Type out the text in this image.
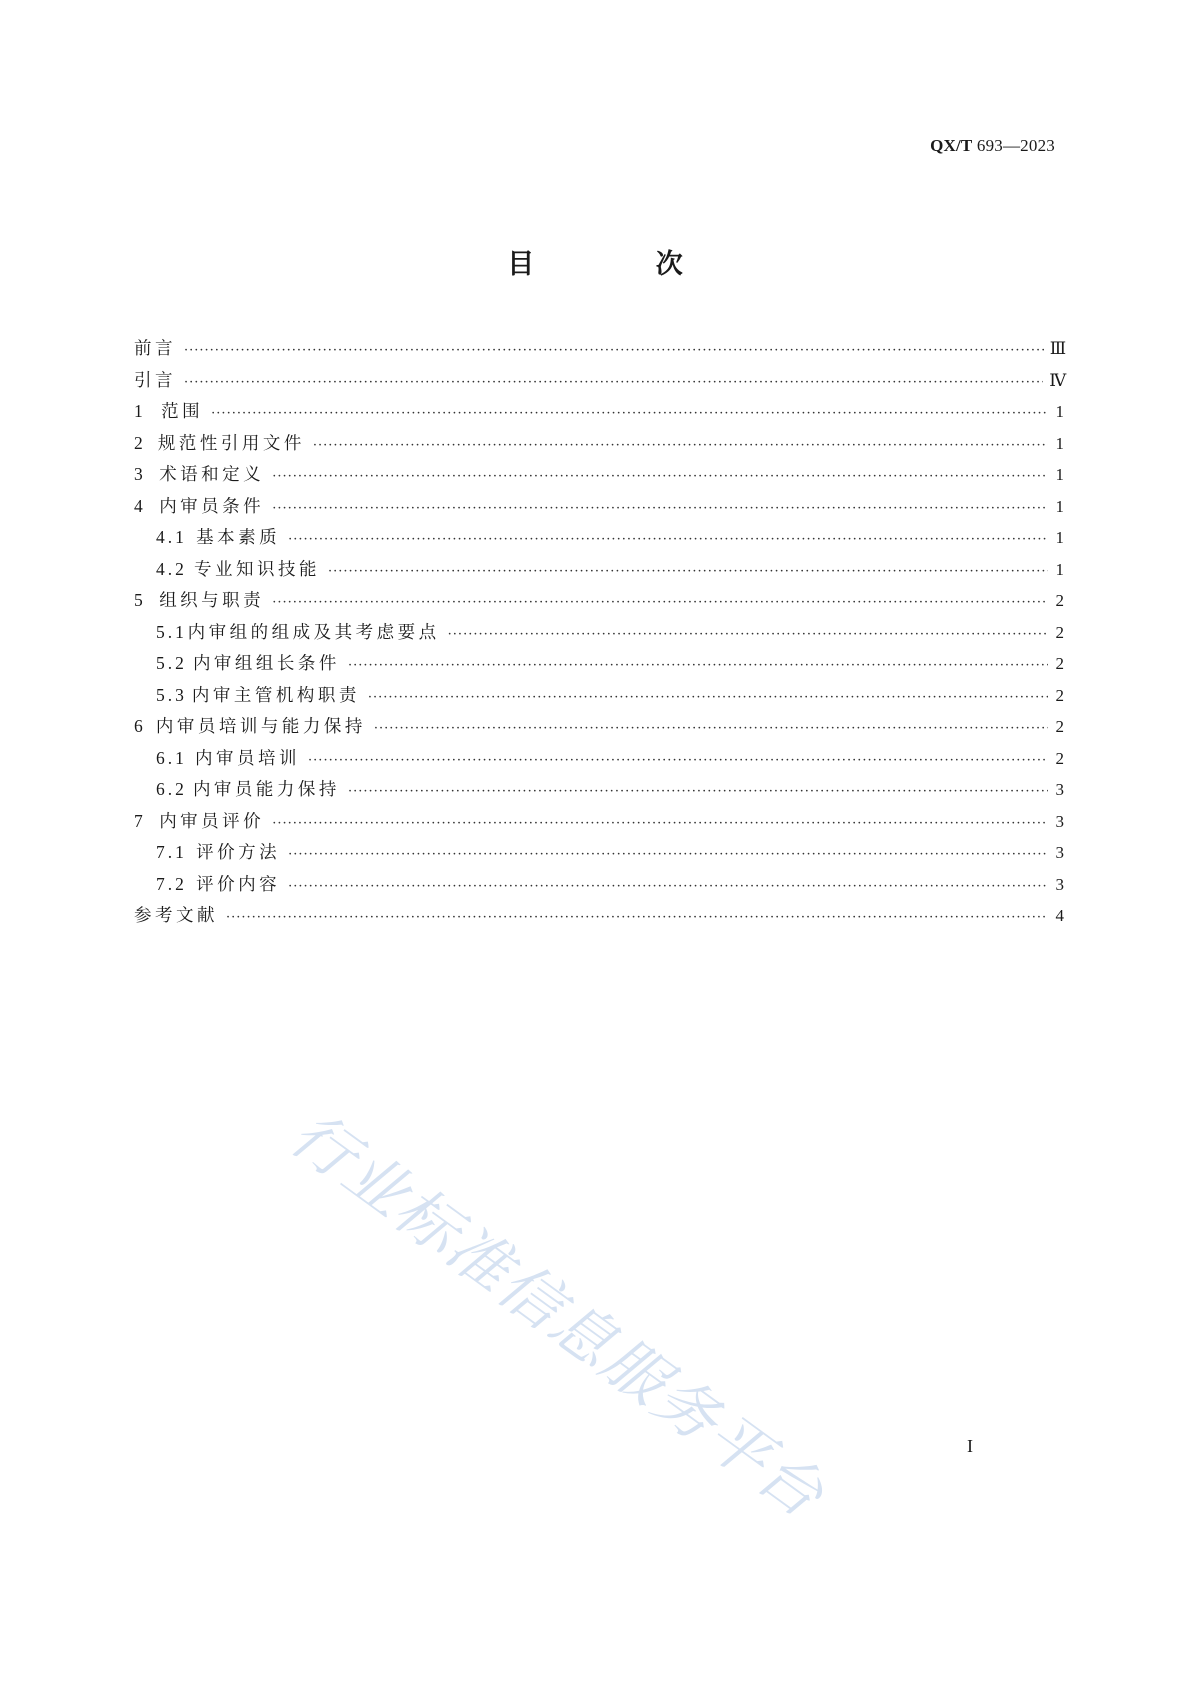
QX/T 693—2023
目 次
前言 ·····	Ⅲ
引言 ·····	Ⅳ
1 范围 ·····	1
2 规范性引用文件 ·····	1
3 术语和定义 ·····	1
4 内审员条件 ·····	1
4.1 基本素质 ·····	1
4.2 专业知识技能 ·····	1
5 组织与职责 ·····	2
5.1 内审组的组成及其考虑要点 ·····	2
5.2 内审组组长条件 ·····	2
5.3 内审主管机构职责 ·····	2
6 内审员培训与能力保持 ·····	2
6.1 内审员培训 ·····	2
6.2 内审员能力保持 ·····	3
7 内审员评价 ·····	3
7.1 评价方法 ·····	3
7.2 评价内容 ·····	3
参考文献 ·····	4
行业标准信息服务平台	I
